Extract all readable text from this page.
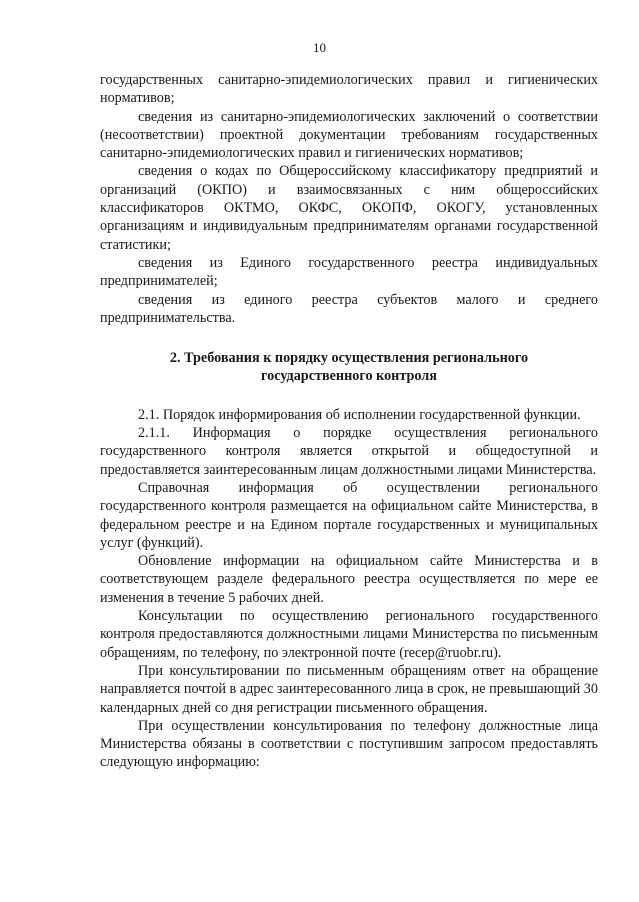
10

государственных санитарно-эпидемиологических правил и гигиенических нормативов;

сведения из санитарно-эпидемиологических заключений о соответствии (несоответствии) проектной документации требованиям государственных санитарно-эпидемиологических правил и гигиенических нормативов;

сведения о кодах по Общероссийскому классификатору предприятий и организаций (ОКПО) и взаимосвязанных с ним общероссийских классификаторов ОКТМО, ОКФС, ОКОПФ, ОКОГУ, установленных организациям и индивидуальным предпринимателям органами государственной статистики;

сведения из Единого государственного реестра индивидуальных предпринимателей;

сведения из единого реестра субъектов малого и среднего предпринимательства.

2. Требования к порядку осуществления регионального
государственного контроля

2.1. Порядок информирования об исполнении государственной функции.

2.1.1. Информация о порядке осуществления регионального государственного контроля является открытой и общедоступной и предоставляется заинтересованным лицам должностными лицами Министерства.

Справочная информация об осуществлении регионального государственного контроля размещается на официальном сайте Министерства, в федеральном реестре и на Едином портале государственных и муниципальных услуг (функций).

Обновление информации на официальном сайте Министерства и в соответствующем разделе федерального реестра осуществляется по мере ее изменения в течение 5 рабочих дней.

Консультации по осуществлению регионального государственного контроля предоставляются должностными лицами Министерства по письменным обращениям, по телефону, по электронной почте (recep@ruobr.ru).

При консультировании по письменным обращениям ответ на обращение направляется почтой в адрес заинтересованного лица в срок, не превышающий 30 календарных дней со дня регистрации письменного обращения.

При осуществлении консультирования по телефону должностные лица Министерства обязаны в соответствии с поступившим запросом предоставлять следующую информацию:
